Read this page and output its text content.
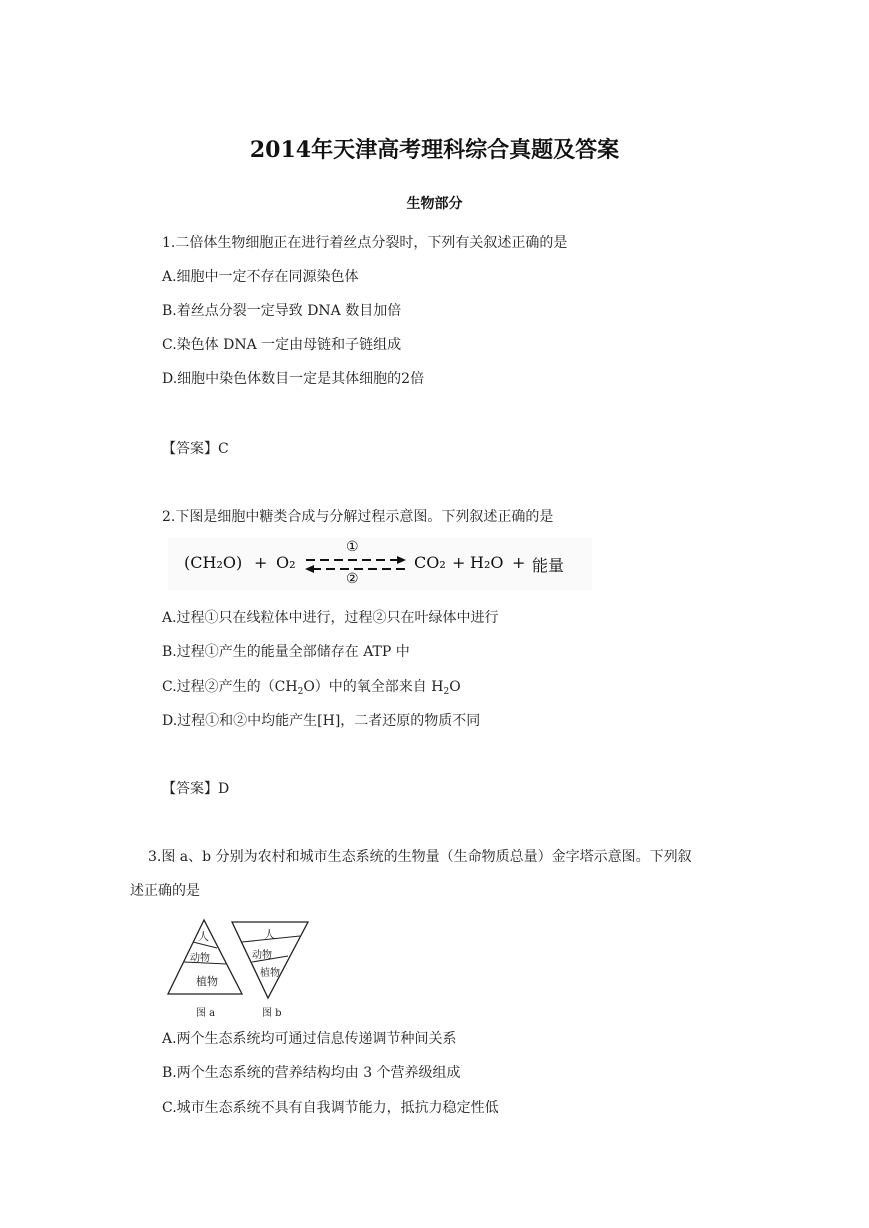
2014年天津高考理科综合真题及答案
生物部分
1.二倍体生物细胞正在进行着丝点分裂时，下列有关叙述正确的是
A.细胞中一定不存在同源染色体
B.着丝点分裂一定导致 DNA 数目加倍
C.染色体 DNA 一定由母链和子链组成
D.细胞中染色体数目一定是其体细胞的2倍
【答案】C
2.下图是细胞中糖类合成与分解过程示意图。下列叙述正确的是
(CH₂O) + O₂
①
②
CO₂ + H₂O + 能量
A.过程①只在线粒体中进行，过程②只在叶绿体中进行
B.过程①产生的能量全部储存在 ATP 中
C.过程②产生的$(CH_2O)$中的氧全部来自 $H_2O$
D.过程①和②中均能产生[H]，二者还原的物质不同
【答案】D
3.图 a、b 分别为农村和城市生态系统的生物量（生命物质总量）金字塔示意图。下列叙
述正确的是
人
动物
植物
图 a
人
动物
植物
图 b
A.两个生态系统均可通过信息传递调节种间关系
B.两个生态系统的营养结构均由 3 个营养级组成
C.城市生态系统不具有自我调节能力，抵抗力稳定性低
